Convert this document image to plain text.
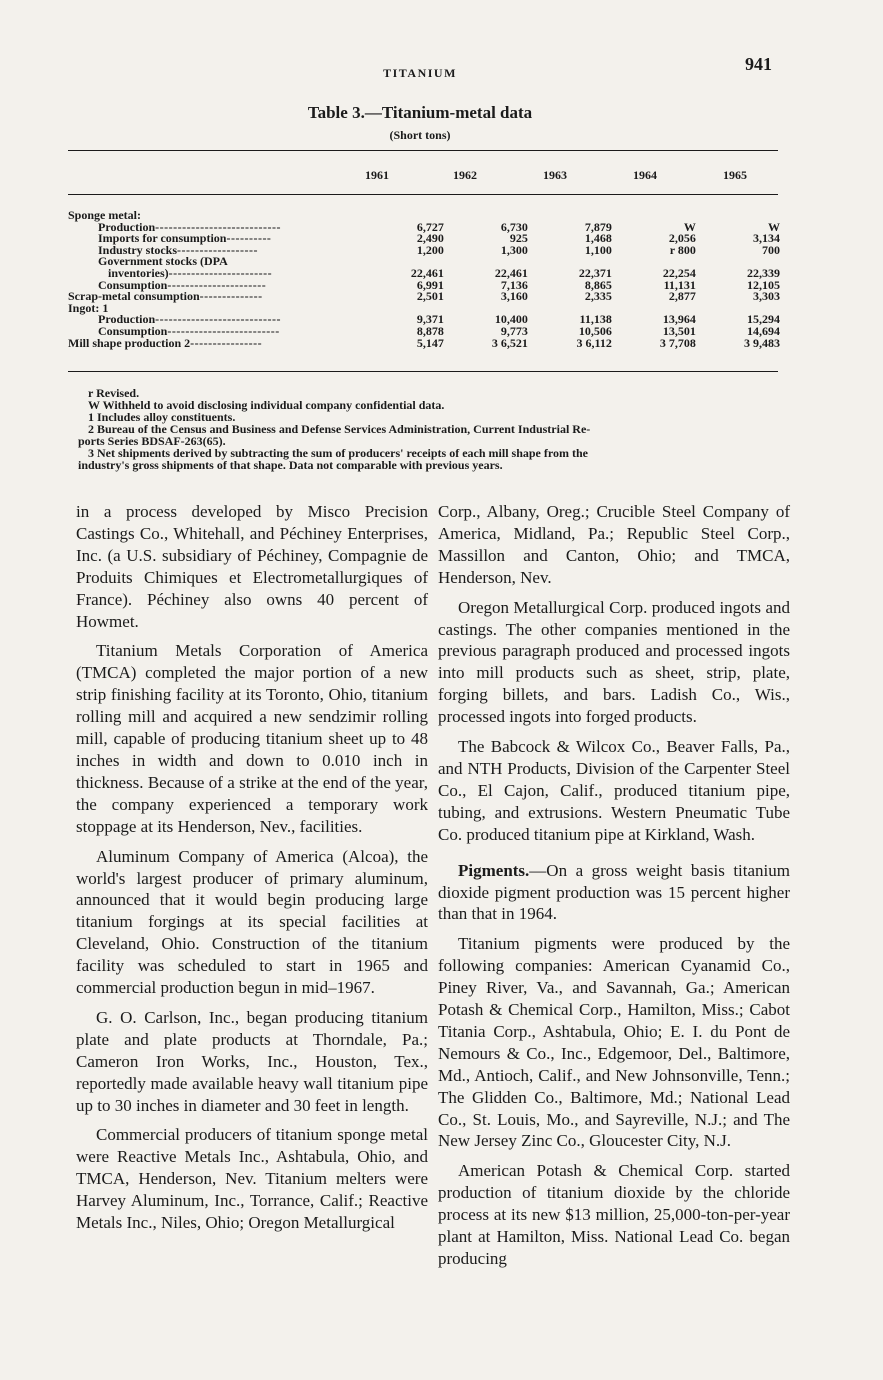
TITANIUM	941
Table 3.—Titanium-metal data
(Short tons)
1961	1962	1963	1964	1965
Sponge metal:					
Production----------------------------	6,727	6,730	7,879	W	W
Imports for consumption----------	2,490	925	1,468	2,056	3,134
Industry stocks------------------	1,200	1,300	1,100	r 800	700
Government stocks (DPA					
inventories)-----------------------	22,461	22,461	22,371	22,254	22,339
Consumption----------------------	6,991	7,136	8,865	11,131	12,105
Scrap-metal consumption--------------	2,501	3,160	2,335	2,877	3,303
Ingot: 1					
Production----------------------------	9,371	10,400	11,138	13,964	15,294
Consumption-------------------------	8,878	9,773	10,506	13,501	14,694
Mill shape production 2----------------	5,147	3 6,521	3 6,112	3 7,708	3 9,483

r Revised.

W Withheld to avoid disclosing individual company confidential data.

1 Includes alloy constituents.

2 Bureau of the Census and Business and Defense Services Administration, Current Industrial Re-

ports Series BDSAF-263(65).

3 Net shipments derived by subtracting the sum of producers' receipts of each mill shape from the

industry's gross shipments of that shape. Data not comparable with previous years.

in a process developed by Misco Precision Castings Co., Whitehall, and Péchiney Enterprises, Inc. (a U.S. subsidiary of Péchiney, Compagnie de Produits Chimiques et Electrometallurgiques of France). Péchiney also owns 40 percent of Howmet.

Titanium Metals Corporation of America (TMCA) completed the major portion of a new strip finishing facility at its Toronto, Ohio, titanium rolling mill and acquired a new sendzimir rolling mill, capable of producing titanium sheet up to 48 inches in width and down to 0.010 inch in thickness. Because of a strike at the end of the year, the company experienced a temporary work stoppage at its Henderson, Nev., facilities.

Aluminum Company of America (Alcoa), the world's largest producer of primary aluminum, announced that it would begin producing large titanium forgings at its special facilities at Cleveland, Ohio. Construction of the titanium facility was scheduled to start in 1965 and commercial production begun in mid–1967.

G. O. Carlson, Inc., began producing titanium plate and plate products at Thorndale, Pa.; Cameron Iron Works, Inc., Houston, Tex., reportedly made available heavy wall titanium pipe up to 30 inches in diameter and 30 feet in length.

Commercial producers of titanium sponge metal were Reactive Metals Inc., Ashtabula, Ohio, and TMCA, Henderson, Nev. Titanium melters were Harvey Aluminum, Inc., Torrance, Calif.; Reactive Metals Inc., Niles, Ohio; Oregon Metallurgical

Corp., Albany, Oreg.; Crucible Steel Company of America, Midland, Pa.; Republic Steel Corp., Massillon and Canton, Ohio; and TMCA, Henderson, Nev.

Oregon Metallurgical Corp. produced ingots and castings. The other companies mentioned in the previous paragraph produced and processed ingots into mill products such as sheet, strip, plate, forging billets, and bars. Ladish Co., Wis., processed ingots into forged products.

The Babcock & Wilcox Co., Beaver Falls, Pa., and NTH Products, Division of the Carpenter Steel Co., El Cajon, Calif., produced titanium pipe, tubing, and extrusions. Western Pneumatic Tube Co. produced titanium pipe at Kirkland, Wash.

Pigments.—On a gross weight basis titanium dioxide pigment production was 15 percent higher than that in 1964.

Titanium pigments were produced by the following companies: American Cyanamid Co., Piney River, Va., and Savannah, Ga.; American Potash & Chemical Corp., Hamilton, Miss.; Cabot Titania Corp., Ashtabula, Ohio; E. I. du Pont de Nemours & Co., Inc., Edgemoor, Del., Baltimore, Md., Antioch, Calif., and New Johnsonville, Tenn.; The Glidden Co., Baltimore, Md.; National Lead Co., St. Louis, Mo., and Sayreville, N.J.; and The New Jersey Zinc Co., Gloucester City, N.J.

American Potash & Chemical Corp. started production of titanium dioxide by the chloride process at its new $13 million, 25,000-ton-per-year plant at Hamilton, Miss. National Lead Co. began producing
